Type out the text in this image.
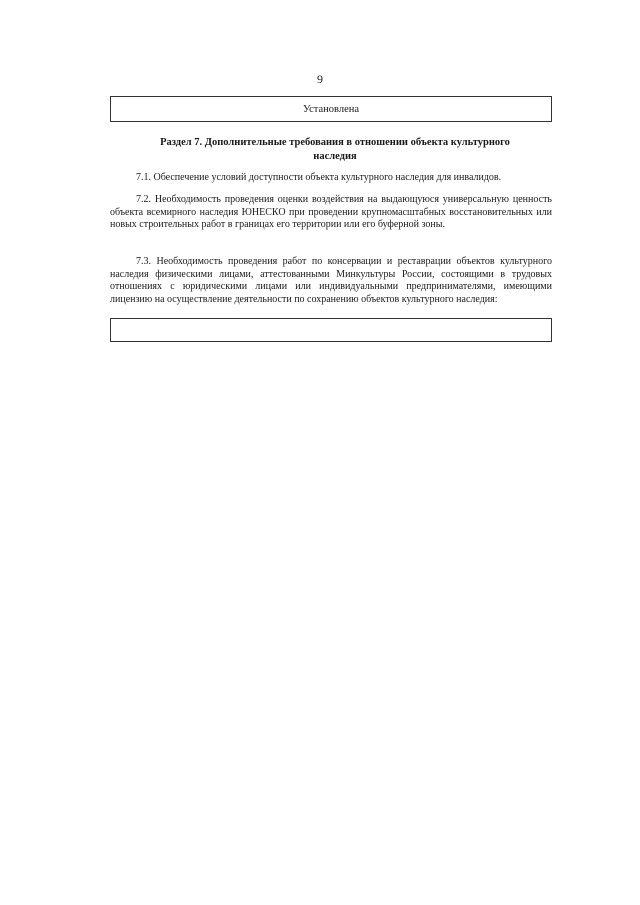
9
Установлена
Раздел 7. Дополнительные требования в отношении объекта культурного наследия

7.1. Обеспечение условий доступности объекта культурного наследия для инвалидов.

7.2. Необходимость проведения оценки воздействия на выдающуюся универсальную ценность объекта всемирного наследия ЮНЕСКО при проведении крупномасштабных восстановительных или новых строительных работ в границах его территории или его буферной зоны.

7.3. Необходимость проведения работ по консервации и реставрации объектов культурного наследия физическими лицами, аттестованными Минкультуры России, состоящими в трудовых отношениях с юридическими лицами или индивидуальными предпринимателями, имеющими лицензию на осуществление деятельности по сохранению объектов культурного наследия:
